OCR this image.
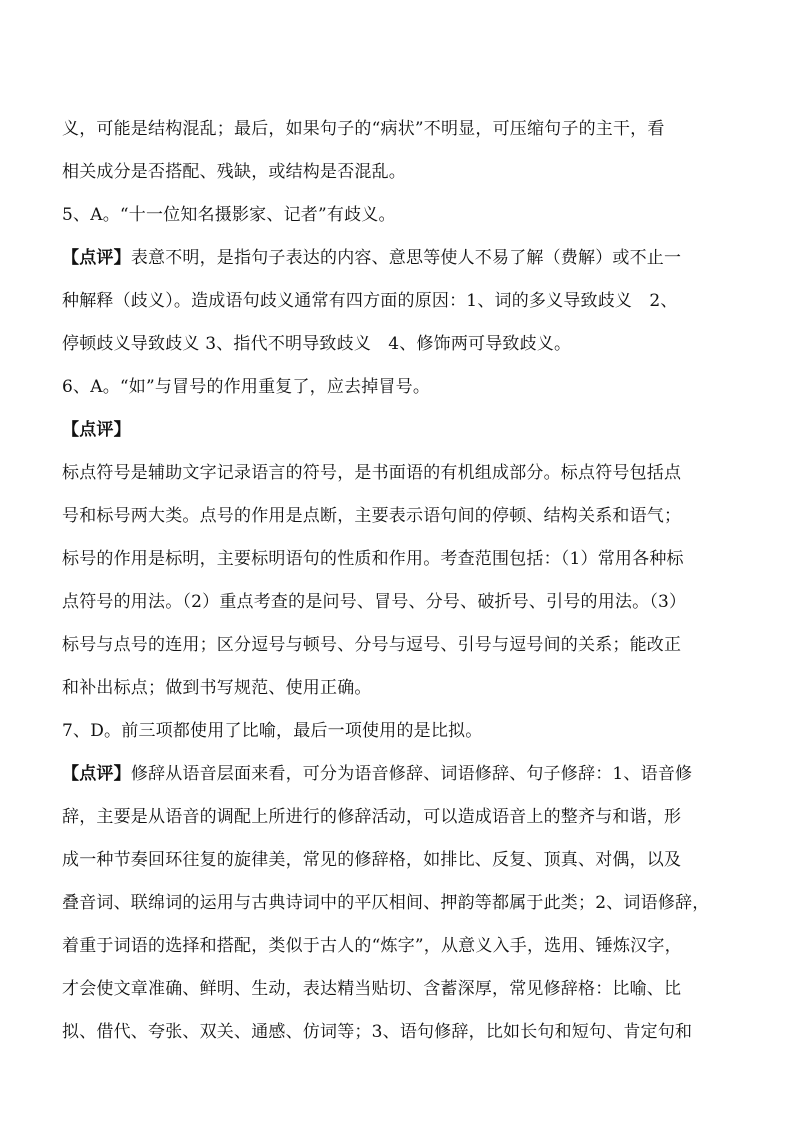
义，可能是结构混乱；最后，如果句子的“病状”不明显，可压缩句子的主干，看
相关成分是否搭配、残缺，或结构是否混乱。
5、A。“十一位知名摄影家、记者”有歧义。
【点评】表意不明，是指句子表达的内容、意思等使人不易了解（费解）或不止一
种解释（歧义）。造成语句歧义通常有四方面的原因：1、词的多义导致歧义　2、
停顿歧义导致歧义 3、指代不明导致歧义　4、修饰两可导致歧义。
6、A。“如”与冒号的作用重复了，应去掉冒号。
【点评】
标点符号是辅助文字记录语言的符号，是书面语的有机组成部分。标点符号包括点
号和标号两大类。点号的作用是点断，主要表示语句间的停顿、结构关系和语气；
标号的作用是标明，主要标明语句的性质和作用。考查范围包括：（1）常用各种标
点符号的用法。（2）重点考查的是问号、冒号、分号、破折号、引号的用法。（3）
标号与点号的连用；区分逗号与顿号、分号与逗号、引号与逗号间的关系；能改正
和补出标点；做到书写规范、使用正确。
7、D。前三项都使用了比喻，最后一项使用的是比拟。
【点评】修辞从语音层面来看，可分为语音修辞、词语修辞、句子修辞：1、语音修
辞，主要是从语音的调配上所进行的修辞活动，可以造成语音上的整齐与和谐，形
成一种节奏回环往复的旋律美，常见的修辞格，如排比、反复、顶真、对偶，以及
叠音词、联绵词的运用与古典诗词中的平仄相间、押韵等都属于此类；2、词语修辞，
着重于词语的选择和搭配，类似于古人的“炼字”，从意义入手，选用、锤炼汉字，
才会使文章准确、鲜明、生动，表达精当贴切、含蓄深厚，常见修辞格：比喻、比
拟、借代、夸张、双关、通感、仿词等；3、语句修辞，比如长句和短句、肯定句和
